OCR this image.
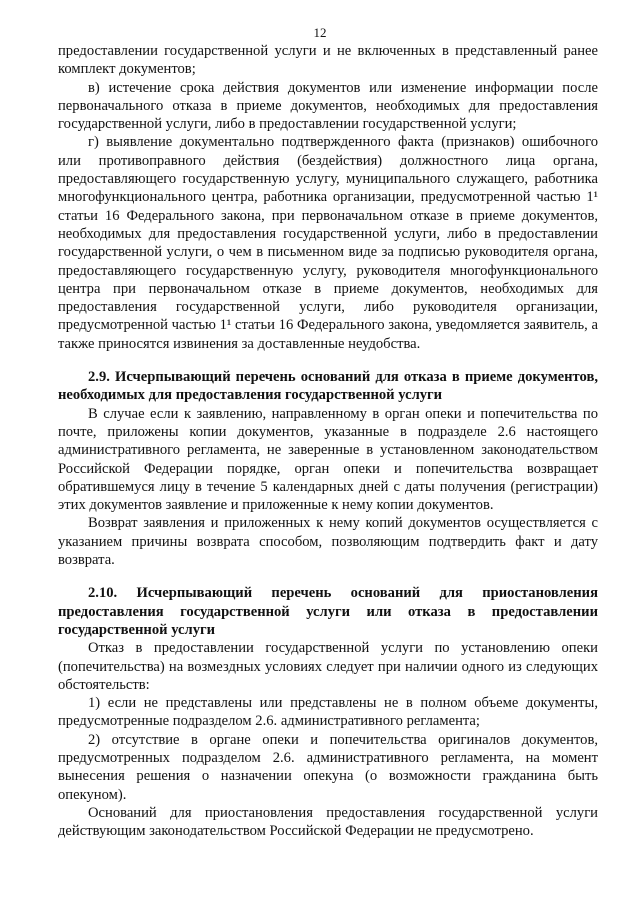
12

предоставлении государственной услуги и не включенных в представленный ранее комплект документов;

в) истечение срока действия документов или изменение информации после первоначального отказа в приеме документов, необходимых для предоставления государственной услуги, либо в предоставлении государственной услуги;

г) выявление документально подтвержденного факта (признаков) ошибочного или противоправного действия (бездействия) должностного лица органа, предоставляющего государственную услугу, муниципального служащего, работника многофункционального центра, работника организации, предусмотренной частью 1¹ статьи 16 Федерального закона, при первоначальном отказе в приеме документов, необходимых для предоставления государственной услуги, либо в предоставлении государственной услуги, о чем в письменном виде за подписью руководителя органа, предоставляющего государственную услугу, руководителя многофункционального центра при первоначальном отказе в приеме документов, необходимых для предоставления государственной услуги, либо руководителя организации, предусмотренной частью 1¹ статьи 16 Федерального закона, уведомляется заявитель, а также приносятся извинения за доставленные неудобства.

2.9. Исчерпывающий перечень оснований для отказа в приеме документов, необходимых для предоставления государственной услуги

В случае если к заявлению, направленному в орган опеки и попечительства по почте, приложены копии документов, указанные в подразделе 2.6 настоящего административного регламента, не заверенные в установленном законодательством Российской Федерации порядке, орган опеки и попечительства возвращает обратившемуся лицу в течение 5 календарных дней с даты получения (регистрации) этих документов заявление и приложенные к нему копии документов.

Возврат заявления и приложенных к нему копий документов осуществляется с указанием причины возврата способом, позволяющим подтвердить факт и дату возврата.

2.10. Исчерпывающий перечень оснований для приостановления предоставления государственной услуги или отказа в предоставлении государственной услуги

Отказ в предоставлении государственной услуги по установлению опеки (попечительства) на возмездных условиях следует при наличии одного из следующих обстоятельств:

1) если не представлены или представлены не в полном объеме документы, предусмотренные подразделом 2.6. административного регламента;

2) отсутствие в органе опеки и попечительства оригиналов документов, предусмотренных подразделом 2.6. административного регламента, на момент вынесения решения о назначении опекуна (о возможности гражданина быть опекуном).

Оснований для приостановления предоставления государственной услуги действующим законодательством Российской Федерации не предусмотрено.
